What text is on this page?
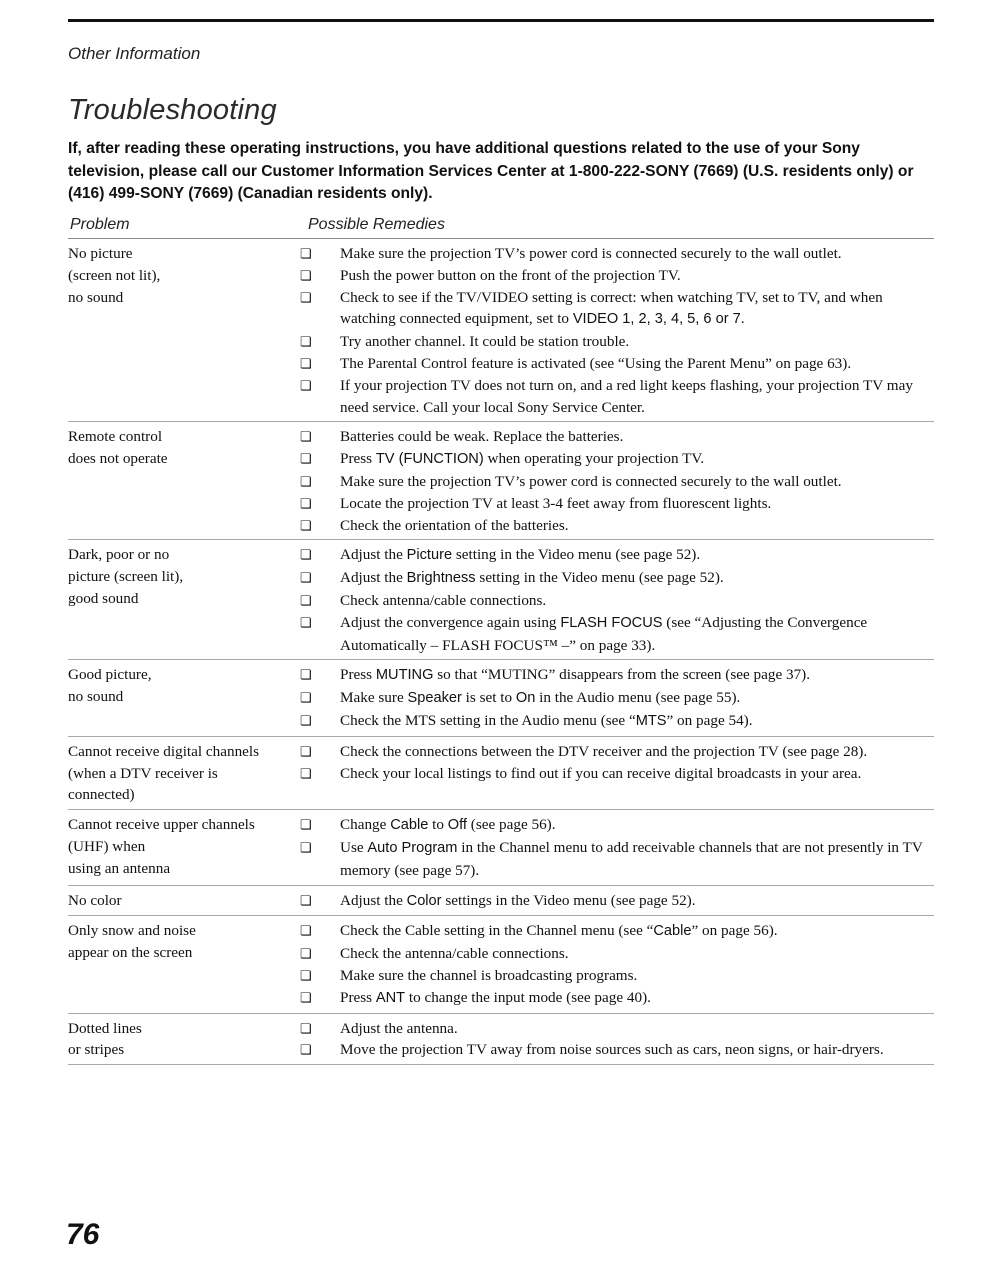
Other Information
Troubleshooting

If, after reading these operating instructions, you have additional questions related to the use of your Sony television, please call our Customer Information Services Center at 1-800-222-SONY (7669) (U.S. residents only) or (416) 499-SONY (7669) (Canadian residents only).

Problem	Possible Remedies
No picture
(screen not lit),
no sound
❏	Make sure the projection TV’s power cord is connected securely to the wall outlet.
❏	Push the power button on the front of the projection TV.
❏	Check to see if the TV/VIDEO setting is correct: when watching TV, set to TV, and when watching connected equipment, set to VIDEO 1, 2, 3, 4, 5, 6 or 7.
❏	Try another channel. It could be station trouble.
❏	The Parental Control feature is activated (see “Using the Parent Menu” on page 63).
❏	If your projection TV does not turn on, and a red light keeps flashing, your projection TV may need service. Call your local Sony Service Center.
Remote control
does not operate
❏	Batteries could be weak. Replace the batteries.
❏	Press TV (FUNCTION) when operating your projection TV.
❏	Make sure the projection TV’s power cord is connected securely to the wall outlet.
❏	Locate the projection TV at least 3-4 feet away from fluorescent lights.
❏	Check the orientation of the batteries.
Dark, poor or no
picture (screen lit),
good sound
❏	Adjust the Picture setting in the Video menu (see page 52).
❏	Adjust the Brightness setting in the Video menu (see page 52).
❏	Check antenna/cable connections.
❏	Adjust the convergence again using FLASH FOCUS (see “Adjusting the Convergence Automatically – FLASH FOCUS™ –” on page 33).
Good picture,
no sound
❏	Press MUTING so that “MUTING” disappears from the screen (see page 37).
❏	Make sure Speaker is set to On in the Audio menu (see page 55).
❏	Check the MTS setting in the Audio menu (see “MTS” on page 54).
Cannot receive digital channels
(when a DTV receiver is
connected)
❏	Check the connections between the DTV receiver and the projection TV (see page 28).
❏	Check your local listings to find out if you can receive digital broadcasts in your area.
Cannot receive upper channels
(UHF) when
using an antenna
❏	Change Cable to Off (see page 56).
❏	Use Auto Program in the Channel menu to add receivable channels that are not presently in TV memory (see page 57).
No color	❏	Adjust the Color settings in the Video menu (see page 52).
Only snow and noise
appear on the screen
❏	Check the Cable setting in the Channel menu (see “Cable” on page 56).
❏	Check the antenna/cable connections.
❏	Make sure the channel is broadcasting programs.
❏	Press ANT to change the input mode (see page 40).
Dotted lines
or stripes
❏	Adjust the antenna.
❏	Move the projection TV away from noise sources such as cars, neon signs, or hair-dryers.
76
